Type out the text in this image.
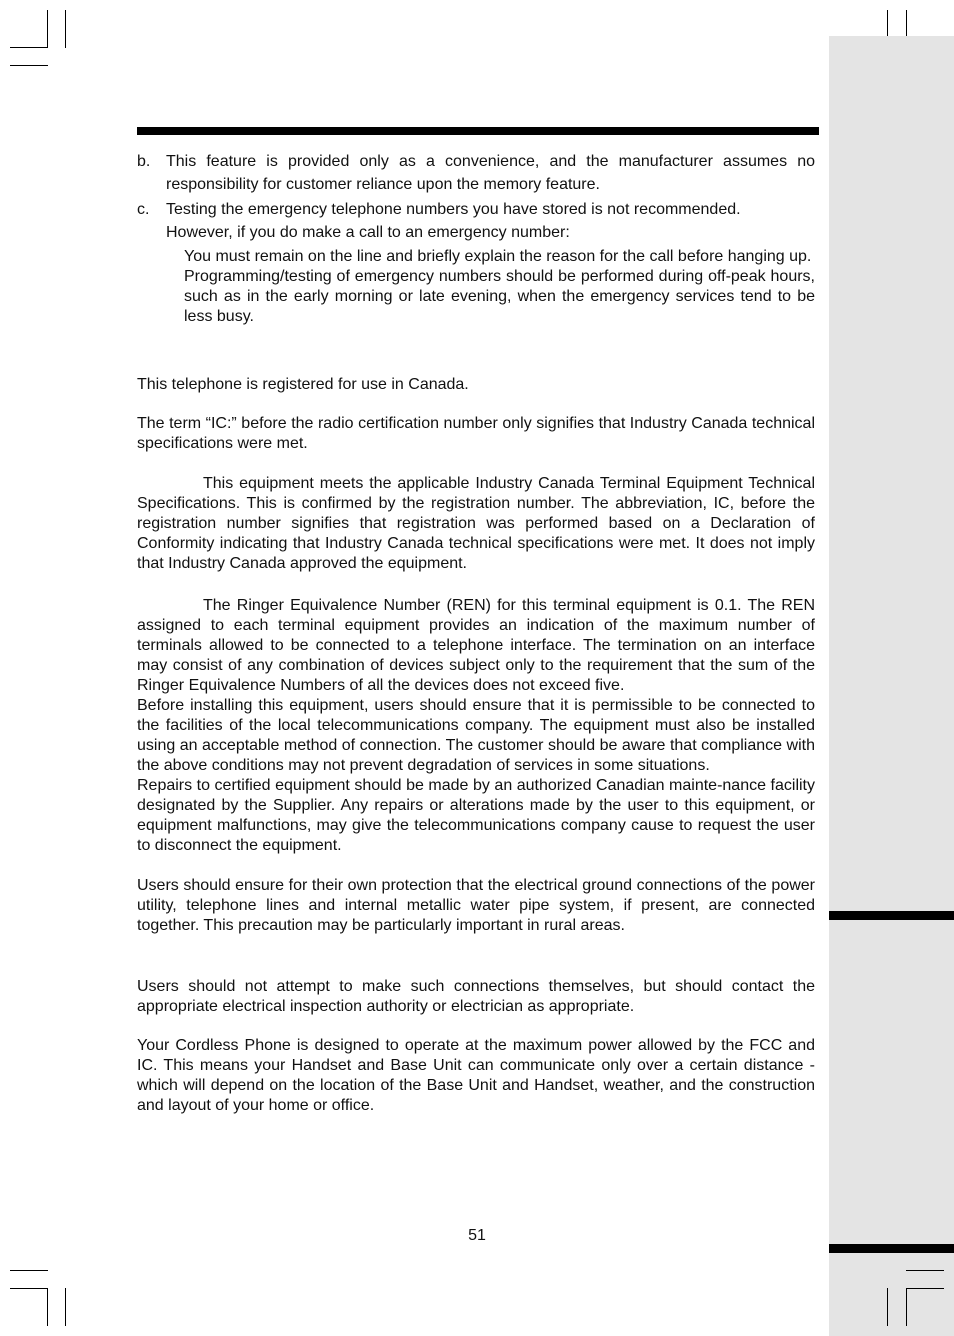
b. This feature is provided only as a convenience, and the manufacturer assumes no responsibility for customer reliance upon the memory feature.
c. Testing the emergency telephone numbers you have stored is not recommended.
However, if you do make a call to an emergency number:

You must remain on the line and briefly explain the reason for the call before hanging up.

Programming/testing of emergency numbers should be performed during off-peak hours, such as in the early morning or late evening, when the emergency services tend to be less busy.

This telephone is registered for use in Canada.

The term “IC:” before the radio certification number only signifies that Industry Canada technical specifications were met.

This equipment meets the applicable Industry Canada Terminal Equipment Technical Specifications. This is confirmed by the registration number. The abbreviation, IC, before the registration number signifies that registration was performed based on a Declaration of Conformity indicating that Industry Canada technical specifications were met. It does not imply that Industry Canada approved the equipment.

The Ringer Equivalence Number (REN) for this terminal equipment is 0.1. The REN assigned to each terminal equipment provides an indication of the maximum number of terminals allowed to be connected to a telephone interface. The termination on an interface may consist of any combination of devices subject only to the requirement that the sum of the Ringer Equivalence Numbers of all the devices does not exceed five.

Before installing this equipment, users should ensure that it is permissible to be connected to the facilities of the local telecommunications company. The equipment must also be installed using an acceptable method of connection. The customer should be aware that compliance with the above conditions may not prevent degradation of services in some situations.

Repairs to certified equipment should be made by an authorized Canadian mainte-nance facility designated by the Supplier. Any repairs or alterations made by the user to this equipment, or equipment malfunctions, may give the telecommunications company cause to request the user to disconnect the equipment.

Users should ensure for their own protection that the electrical ground connections of the power utility, telephone lines and internal metallic water pipe system, if present, are connected together. This precaution may be particularly important in rural areas.

Users should not attempt to make such connections themselves, but should contact the appropriate electrical inspection authority or electrician as appropriate.

Your Cordless Phone is designed to operate at the maximum power allowed by the FCC and IC. This means your Handset and Base Unit can communicate only over a certain distance - which will depend on the location of the Base Unit and Handset, weather, and the construction and layout of your home or office.

51
